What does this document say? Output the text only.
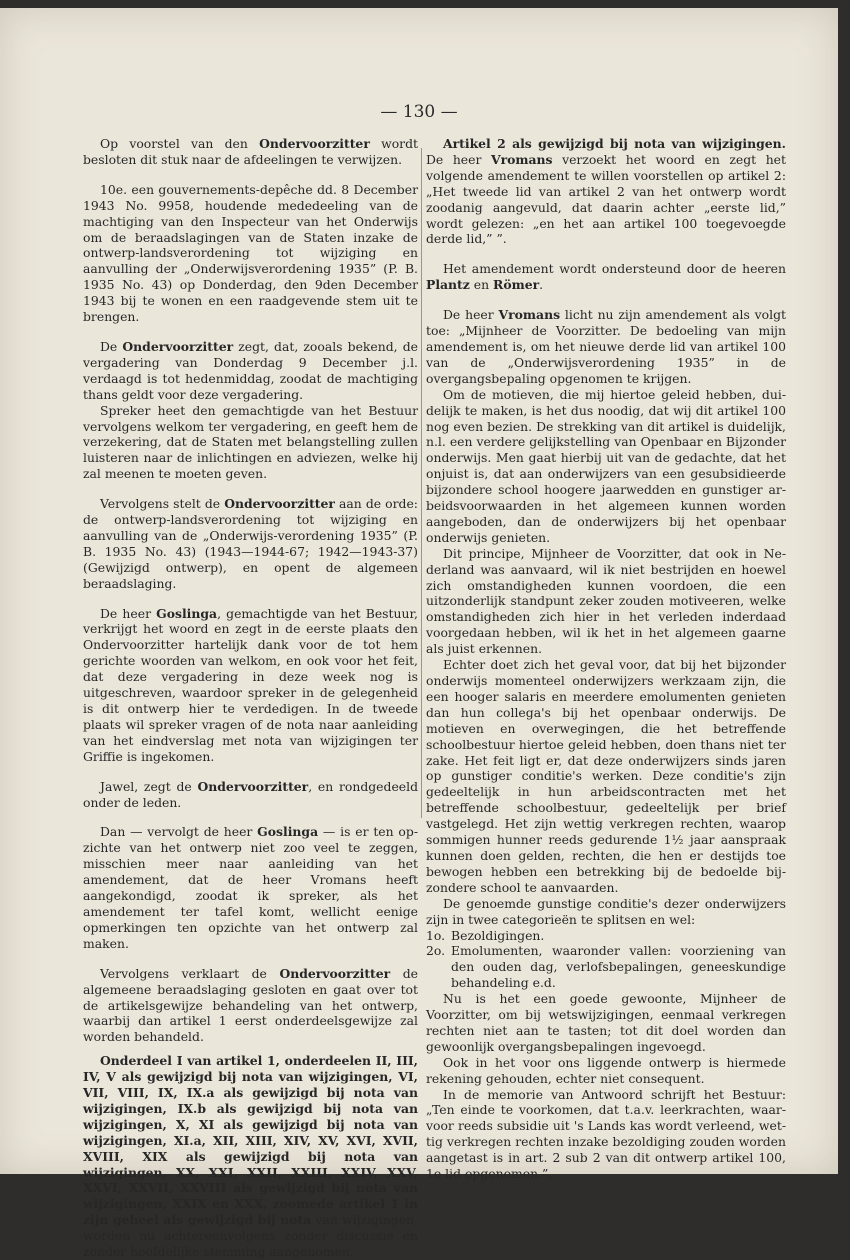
— 130 —

Op voorstel van den Ondervoorzitter wordt besloten dit stuk naar de afdeelingen te verwijzen.

10e. een gouvernements-depêche dd. 8 December 1943 No. 9958, houdende mededeeling van de machtiging van den Inspecteur van het Onderwijs om de beraadslagingen van de Staten inzake de ontwerp-landsverordening tot wijziging en aanvulling der „Onderwijsverordening 1935” (P. B. 1935 No. 43) op Donderdag, den 9den December 1943 bij te wonen en een raadgevende stem uit te brengen.

De Ondervoorzitter zegt, dat, zooals bekend, de vergadering van Donderdag 9 December j.l. verdaagd is tot hedenmiddag, zoodat de machtiging thans geldt voor deze vergadering.

Spreker heet den gemachtigde van het Bestuur vervolgens welkom ter vergadering, en geeft hem de verzekering, dat de Staten met belangstelling zullen luisteren naar de inlichtingen en adviezen, welke hij zal meenen te moeten geven.

Vervolgens stelt de Ondervoorzitter aan de orde: de ontwerp-landsverordening tot wijziging en aanvulling van de „Onderwijs-verordening 1935” (P. B. 1935 No. 43) (1943—1944-67; 1942—1943-37) (Gewijzigd ontwerp), en opent de algemeen beraadslaging.

De heer Goslinga, gemachtigde van het Bestuur, verkrijgt het woord en zegt in de eerste plaats den Ondervoorzitter hartelijk dank voor de tot hem gerichte woorden van welkom, en ook voor het feit, dat deze vergadering in deze week nog is uitgeschreven, waardoor spreker in de gelegenheid is dit ontwerp hier te verdedigen. In de tweede plaats wil spreker vragen of de nota naar aanleiding van het eindverslag met nota van wijzigingen ter Griffie is ingekomen.

Jawel, zegt de Ondervoorzitter, en rondgedeeld onder de leden.

Dan — vervolgt de heer Goslinga — is er ten opzichte van het ontwerp niet zoo veel te zeggen, misschien meer naar aanleiding van het amendement, dat de heer Vromans heeft aangekondigd, zoodat ik spreker, als het amendement ter tafel komt, wellicht eenige opmerkingen ten opzichte van het ontwerp zal maken.

Vervolgens verklaart de Ondervoorzitter de algemeene beraadslaging gesloten en gaat over tot de artikelsgewijze behandeling van het ontwerp, waarbij dan artikel 1 eerst onderdeelsgewijze zal worden behandeld.

Onderdeel I van artikel 1, onderdeelen II, III, IV, V als gewijzigd bij nota van wijzigingen, VI, VII, VIII, IX, IX.a als gewijzigd bij nota van wijzigingen, IX.b als gewijzigd bij nota van wijzigingen, X, XI als gewijzigd bij nota van wijzigingen, XI.a, XII, XIII, XIV, XV, XVI, XVII, XVIII, XIX als gewijzigd bij nota van wijzigingen, XX, XXI, XXII, XXIII, XXIV, XXV, XXVI, XXVII, XXVIII als gewijzigd bij nota van wijzigingen, XXIX en XXX, zoomede artikel 1 in zijn geheel als gewijzigd bij nota van wijzigingen, worden nu achtereenvolgens zonder discussie en zonder hoofdelijke stemming aangenomen.

Artikel 2 als gewijzigd bij nota van wijzigingen. De heer Vromans verzoekt het woord en zegt het volgende amendement te willen voorstellen op artikel 2: „Het tweede lid van artikel 2 van het ontwerp wordt zoodanig aangevuld, dat daarin achter „eerste lid,” wordt gelezen: „en het aan artikel 100 toegevoegde derde lid,” ”.

Het amendement wordt ondersteund door de heeren Plantz en Römer.

De heer Vromans licht nu zijn amendement als volgt toe: „Mijnheer de Voorzitter. De bedoeling van mijn amendement is, om het nieuwe derde lid van artikel 100 van de „Onderwijsverordening 1935” in de overgangsbepaling opgenomen te krijgen.

Om de motieven, die mij hiertoe geleid hebben, duidelijk te maken, is het dus noodig, dat wij dit artikel 100 nog even bezien. De strekking van dit artikel is duidelijk, n.l. een verdere gelijkstelling van Openbaar en Bijzonder onderwijs. Men gaat hierbij uit van de gedachte, dat het onjuist is, dat aan onderwijzers van een gesubsidieerde bijzondere school hoogere jaarwedden en gunstiger arbeidsvoorwaarden in het algemeen kunnen worden aangeboden, dan de onderwijzers bij het openbaar onderwijs genieten.

Dit principe, Mijnheer de Voorzitter, dat ook in Nederland was aanvaard, wil ik niet bestrijden en hoewel zich omstandigheden kunnen voordoen, die een uitzonderlijk standpunt zeker zouden motiveeren, welke omstandigheden zich hier in het verleden inderdaad voorgedaan hebben, wil ik het in het algemeen gaarne als juist erkennen.

Echter doet zich het geval voor, dat bij het bijzonder onderwijs momenteel onderwijzers werkzaam zijn, die een hooger salaris en meerdere emolumenten genieten dan hun collega's bij het openbaar onderwijs. De motieven en overwegingen, die het betreffende schoolbestuur hiertoe geleid hebben, doen thans niet ter zake. Het feit ligt er, dat deze onderwijzers sinds jaren op gunstiger conditie's werken. Deze conditie's zijn gedeeltelijk in hun arbeidscontracten met het betreffende schoolbestuur, gedeeltelijk per brief vastgelegd. Het zijn wettig verkregen rechten, waarop sommigen hunner reeds gedurende 1½ jaar aanspraak kunnen doen gelden, rechten, die hen er destijds toe bewogen hebben een betrekking bij de bedoelde bijzondere school te aanvaarden.

De genoemde gunstige conditie's dezer onderwijzers zijn in twee categorieën te splitsen en wel:

1o. Bezoldigingen.
2o. Emolumenten, waaronder vallen: voorziening van den ouden dag, verlofsbepalingen, geneeskundige behandeling e.d.

Nu is het een goede gewoonte, Mijnheer de Voorzitter, om bij wetswijzigingen, eenmaal verkregen rechten niet aan te tasten; tot dit doel worden dan gewoonlijk overgangsbepalingen ingevoegd.

Ook in het voor ons liggende ontwerp is hiermede rekening gehouden, echter niet consequent.

In de memorie van Antwoord schrijft het Bestuur: „Ten einde te voorkomen, dat t.a.v. leerkrachten, waarvoor reeds subsidie uit 's Lands kas wordt verleend, wettig verkregen rechten inzake bezoldiging zouden worden aangetast is in art. 2 sub 2 van dit ontwerp artikel 100, 1e lid opgenomen.”.
